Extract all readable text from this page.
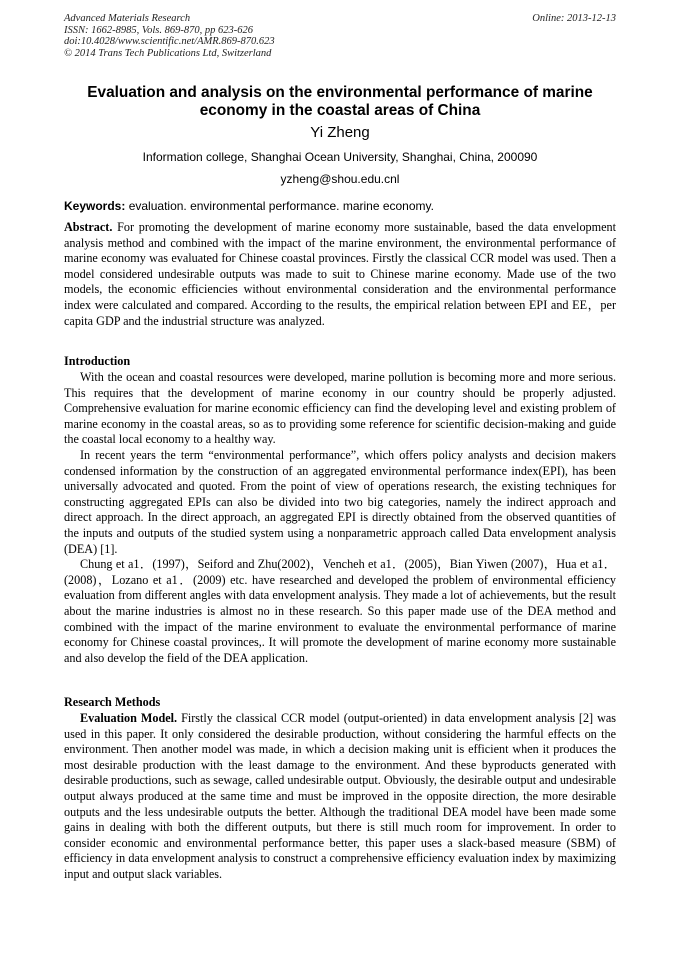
Advanced Materials Research
ISSN: 1662-8985, Vols. 869-870, pp 623-626
doi:10.4028/www.scientific.net/AMR.869-870.623
© 2014 Trans Tech Publications Ltd, Switzerland
Online: 2013-12-13
Evaluation and analysis on the environmental performance of marine economy in the coastal areas of China
Yi Zheng
Information college, Shanghai Ocean University, Shanghai, China, 200090
yzheng@shou.edu.cnl
Keywords: evaluation. environmental performance. marine economy.

Abstract. For promoting the development of marine economy more sustainable, based the data envelopment analysis method and combined with the impact of the marine environment, the environmental performance of marine economy was evaluated for Chinese coastal provinces. Firstly the classical CCR model was used. Then a model considered undesirable outputs was made to suit to Chinese marine economy. Made use of the two models, the economic efficiencies without environmental consideration and the environmental performance index were calculated and compared. According to the results, the empirical relation between EPI and EE，per capita GDP and the industrial structure was analyzed.

Introduction

With the ocean and coastal resources were developed, marine pollution is becoming more and more serious. This requires that the development of marine economy in our country should be properly adjusted. Comprehensive evaluation for marine economic efficiency can find the developing level and existing problem of marine economy in the coastal areas, so as to providing some reference for scientific decision-making and guide the coastal local economy to a healthy way.

In recent years the term “environmental performance”, which offers policy analysts and decision makers condensed information by the construction of an aggregated environmental performance index(EPI), has been universally advocated and quoted. From the point of view of operations research, the existing techniques for constructing aggregated EPIs can also be divided into two big categories, namely the indirect approach and direct approach. In the direct approach, an aggregated EPI is directly obtained from the observed quantities of the inputs and outputs of the studied system using a nonparametric approach called Data envelopment analysis (DEA) [1].

Chung et a1．(1997)，Seiford and Zhu(2002)，Vencheh et a1．(2005)，Bian Yiwen (2007)，Hua et a1．(2008)，Lozano et a1．(2009) etc. have researched and developed the problem of environmental efficiency evaluation from different angles with data envelopment analysis. They made a lot of achievements, but the result about the marine industries is almost no in these research. So this paper made use of the DEA method and combined with the impact of the marine environment to evaluate the environmental performance of marine economy for Chinese coastal provinces,. It will promote the development of marine economy more sustainable and also develop the field of the DEA application.

Research Methods

Evaluation Model. Firstly the classical CCR model (output-oriented) in data envelopment analysis [2] was used in this paper. It only considered the desirable production, without considering the harmful effects on the environment. Then another model was made, in which a decision making unit is efficient when it produces the most desirable production with the least damage to the environment. And these byproducts generated with desirable productions, such as sewage, called undesirable output. Obviously, the desirable output and undesirable output always produced at the same time and must be improved in the opposite direction, the more desirable outputs and the less undesirable outputs the better. Although the traditional DEA model have been made some gains in dealing with both the different outputs, but there is still much room for improvement. In order to consider economic and environmental performance better, this paper uses a slack-based measure (SBM) of efficiency in data envelopment analysis to construct a comprehensive efficiency evaluation index by maximizing input and output slack variables.
